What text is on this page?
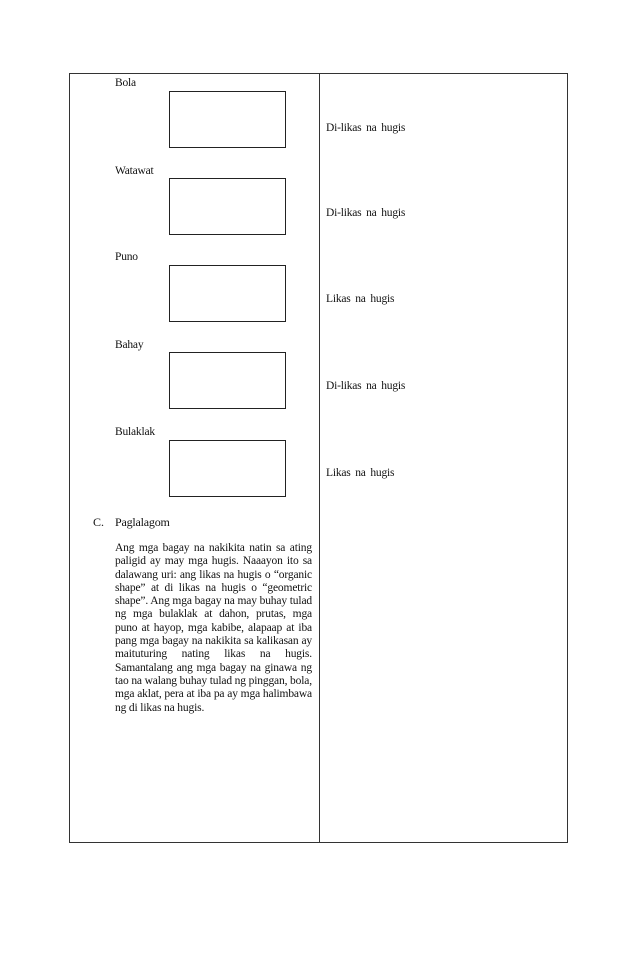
Bola
Di-likas na hugis
Watawat
Di-likas na hugis
Puno
Likas na hugis
Bahay
Di-likas na hugis
Bulaklak
Likas na hugis
C. Paglalagom

Ang mga bagay na nakikita natin sa ating paligid ay may mga hugis. Naaayon ito sa dalawang uri: ang likas na hugis o “organic shape” at di likas na hugis o “geometric shape”. Ang mga bagay na may buhay tulad ng mga bulaklak at dahon, prutas, mga puno at hayop, mga kabibe, alapaap at iba pang mga bagay na nakikita sa kalikasan ay maituturing nating likas na hugis. Samantalang ang mga bagay na ginawa ng tao na walang buhay tulad ng pinggan, bola, mga aklat, pera at iba pa ay mga halimbawa ng di likas na hugis.
